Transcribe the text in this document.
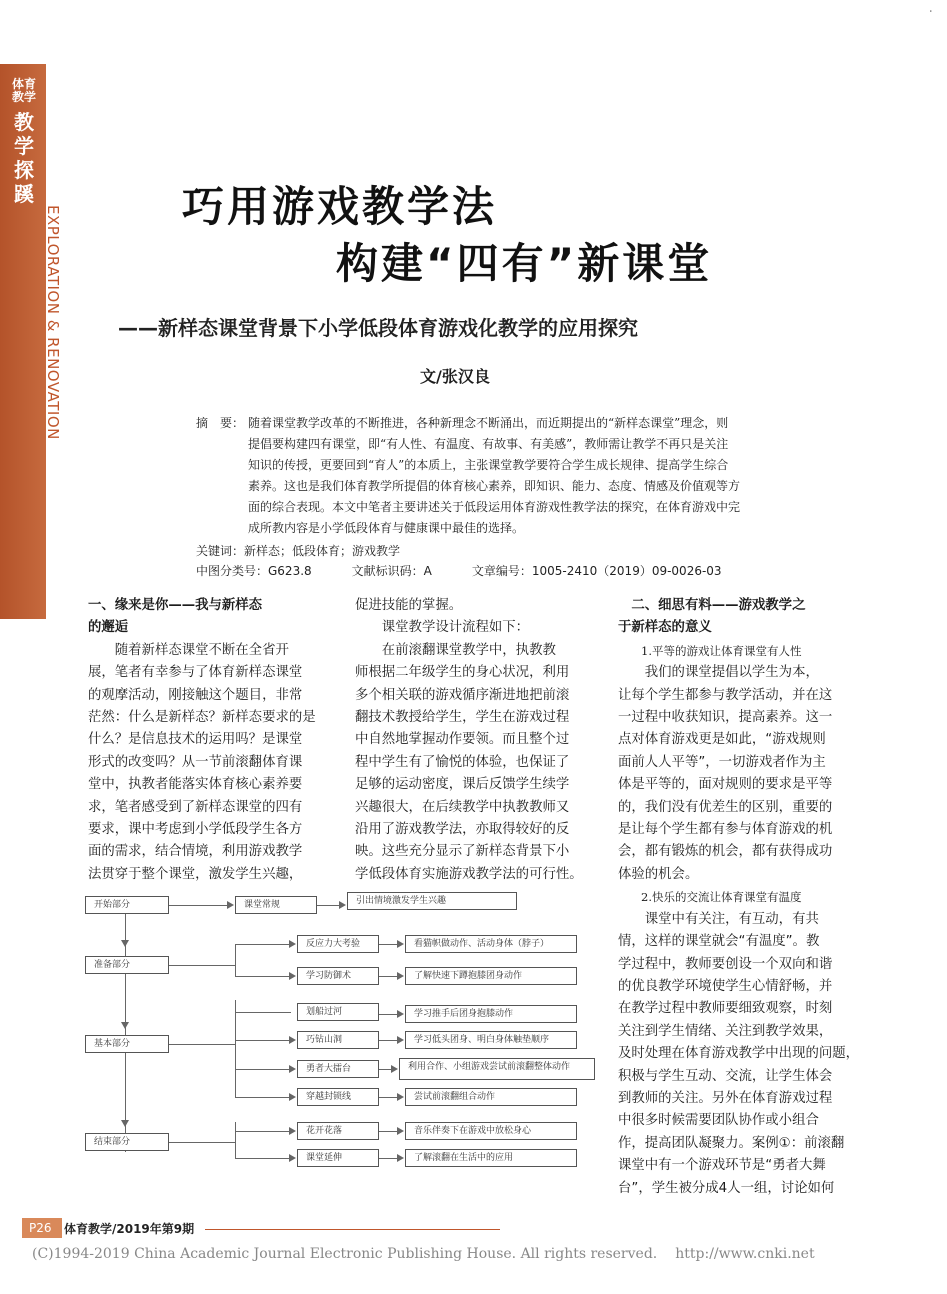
体育教学
教学探蹊
EXPLORATION & RENOVATION
·
巧用游戏教学法
构建“四有”新课堂
——新样态课堂背景下小学低段体育游戏化教学的应用探究
文/张汉良
摘　要： 随着课堂教学改革的不断推进，各种新理念不断涌出，而近期提出的“新样态课堂”理念，则
提倡要构建四有课堂，即“有人性、有温度、有故事、有美感”，教师需让教学不再只是关注
知识的传授，更要回到“育人”的本质上，主张课堂教学要符合学生成长规律、提高学生综合
素养。这也是我们体育教学所提倡的体育核心素养，即知识、能力、态度、情感及价值观等方
面的综合表现。本文中笔者主要讲述关于低段运用体育游戏性教学法的探究，在体育游戏中完
成所教内容是小学低段体育与健康课中最佳的选择。
关键词：新样态；低段体育；游戏教学
中图分类号：G623.8	文献标识码：A	文章编号：1005-2410（2019）09-0026-03

一、缘来是你——我与新样态

的邂逅

　　随着新样态课堂不断在全省开

展，笔者有幸参与了体育新样态课堂

的观摩活动，刚接触这个题目，非常

茫然：什么是新样态？新样态要求的是

什么？是信息技术的运用吗？是课堂

形式的改变吗？从一节前滚翻体育课

堂中，执教者能落实体育核心素养要

求，笔者感受到了新样态课堂的四有

要求，课中考虑到小学低段学生各方

面的需求，结合情境，利用游戏教学

法贯穿于整个课堂，激发学生兴趣，

促进技能的掌握。

　　课堂教学设计流程如下：

　　在前滚翻课堂教学中，执教教

师根据二年级学生的身心状况，利用

多个相关联的游戏循序渐进地把前滚

翻技术教授给学生，学生在游戏过程

中自然地掌握动作要领。而且整个过

程中学生有了愉悦的体验，也保证了

足够的运动密度，课后反馈学生续学

兴趣很大，在后续教学中执教教师又

沿用了游戏教学法，亦取得较好的反

映。这些充分显示了新样态背景下小

学低段体育实施游戏教学法的可行性。

　二、细思有料——游戏教学之

于新样态的意义

　　1.平等的游戏让体育课堂有人性

　　我们的课堂提倡以学生为本，

让每个学生都参与教学活动，并在这

一过程中收获知识，提高素养。这一

点对体育游戏更是如此，“游戏规则

面前人人平等”，一切游戏者作为主

体是平等的，面对规则的要求是平等

的，我们没有优差生的区别，重要的

是让每个学生都有参与体育游戏的机

会，都有锻炼的机会，都有获得成功

体验的机会。

　　2.快乐的交流让体育课堂有温度

　　课堂中有关注，有互动，有共

情，这样的课堂就会“有温度”。教

学过程中，教师要创设一个双向和谐

的优良教学环境使学生心情舒畅，并

在教学过程中教师要细致观察，时刻

关注到学生情绪、关注到教学效果，

及时处理在体育游戏教学中出现的问题，

积极与学生互动、交流，让学生体会

到教师的关注。另外在体育游戏过程

中很多时候需要团队协作或小组合

作，提高团队凝聚力。案例①：前滚翻

课堂中有一个游戏环节是“勇者大舞

台”，学生被分成4人一组，讨论如何

开始部分
准备部分
基本部分
结束部分
课堂常规	引出情境激发学生兴趣
反应力大考验	看猫帜做动作、活动身体（脖子）
学习防御术	了解快速下蹲抱膝团身动作
划船过河	学习推手后团身抱膝动作
巧钻山洞	学习低头团身、明白身体触垫顺序
勇者大擂台	利用合作、小组游戏尝试前滚翻整体动作
穿越封锁线	尝试前滚翻组合动作
花开花落	音乐伴奏下在游戏中放松身心
课堂延伸	了解滚翻在生活中的应用
P26	体育教学/2019年第9期
(C)1994-2019 China Academic Journal Electronic Publishing House. All rights reserved. http://www.cnki.net
